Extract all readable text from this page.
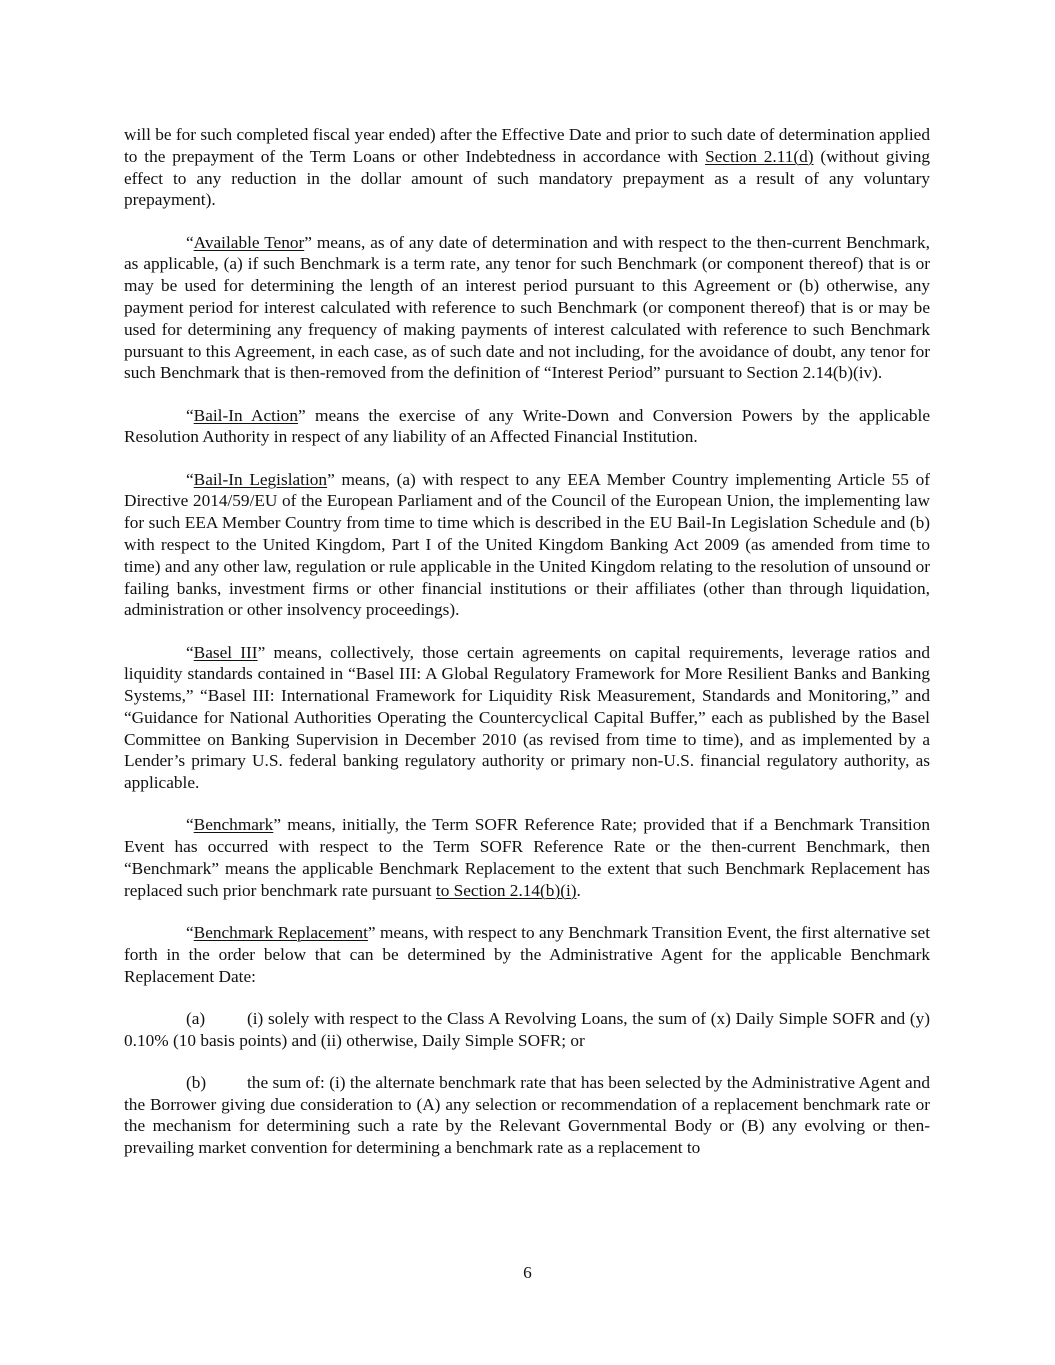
will be for such completed fiscal year ended) after the Effective Date and prior to such date of determination applied to the prepayment of the Term Loans or other Indebtedness in accordance with Section 2.11(d) (without giving effect to any reduction in the dollar amount of such mandatory prepayment as a result of any voluntary prepayment).

“Available Tenor” means, as of any date of determination and with respect to the then-current Benchmark, as applicable, (a) if such Benchmark is a term rate, any tenor for such Benchmark (or component thereof) that is or may be used for determining the length of an interest period pursuant to this Agreement or (b) otherwise, any payment period for interest calculated with reference to such Benchmark (or component thereof) that is or may be used for determining any frequency of making payments of interest calculated with reference to such Benchmark pursuant to this Agreement, in each case, as of such date and not including, for the avoidance of doubt, any tenor for such Benchmark that is then-removed from the definition of “Interest Period” pursuant to Section 2.14(b)(iv).

“Bail-In Action” means the exercise of any Write-Down and Conversion Powers by the applicable Resolution Authority in respect of any liability of an Affected Financial Institution.

“Bail-In Legislation” means, (a) with respect to any EEA Member Country implementing Article 55 of Directive 2014/59/EU of the European Parliament and of the Council of the European Union, the implementing law for such EEA Member Country from time to time which is described in the EU Bail-In Legislation Schedule and (b) with respect to the United Kingdom, Part I of the United Kingdom Banking Act 2009 (as amended from time to time) and any other law, regulation or rule applicable in the United Kingdom relating to the resolution of unsound or failing banks, investment firms or other financial institutions or their affiliates (other than through liquidation, administration or other insolvency proceedings).

“Basel III” means, collectively, those certain agreements on capital requirements, leverage ratios and liquidity standards contained in “Basel III: A Global Regulatory Framework for More Resilient Banks and Banking Systems,” “Basel III: International Framework for Liquidity Risk Measurement, Standards and Monitoring,” and “Guidance for National Authorities Operating the Countercyclical Capital Buffer,” each as published by the Basel Committee on Banking Supervision in December 2010 (as revised from time to time), and as implemented by a Lender’s primary U.S. federal banking regulatory authority or primary non-U.S. financial regulatory authority, as applicable.

“Benchmark” means, initially, the Term SOFR Reference Rate; provided that if a Benchmark Transition Event has occurred with respect to the Term SOFR Reference Rate or the then-current Benchmark, then “Benchmark” means the applicable Benchmark Replacement to the extent that such Benchmark Replacement has replaced such prior benchmark rate pursuant to Section 2.14(b)(i).

“Benchmark Replacement” means, with respect to any Benchmark Transition Event, the first alternative set forth in the order below that can be determined by the Administrative Agent for the applicable Benchmark Replacement Date:

(a) (i) solely with respect to the Class A Revolving Loans, the sum of (x) Daily Simple SOFR and (y) 0.10% (10 basis points) and (ii) otherwise, Daily Simple SOFR; or

(b) the sum of: (i) the alternate benchmark rate that has been selected by the Administrative Agent and the Borrower giving due consideration to (A) any selection or recommendation of a replacement benchmark rate or the mechanism for determining such a rate by the Relevant Governmental Body or (B) any evolving or then-prevailing market convention for determining a benchmark rate as a replacement to

6
